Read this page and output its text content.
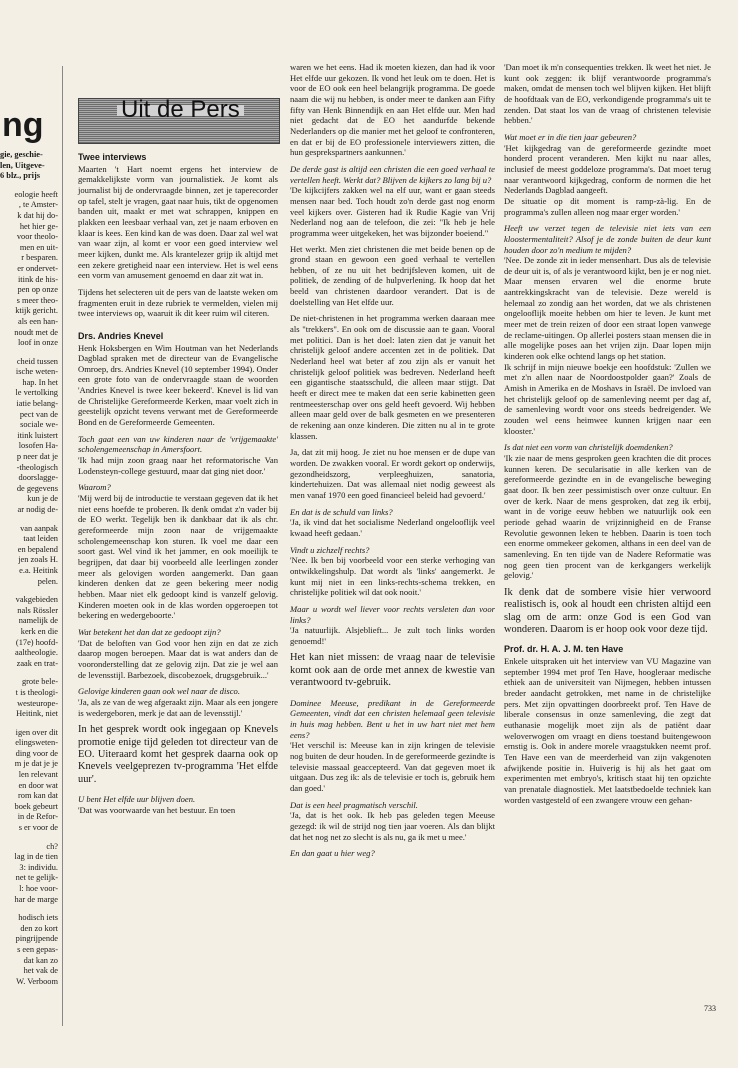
ng
gie, geschie-
len, Uitgeve-
6 blz., prijs
eologie heeft
, te Amster-
k dat hij do-
het hier ge-
voor theolo-
men en uit-
r besparen.
er ondervet-
itink de his-
pen op onze
s meer theo-
ktijk gericht.
als een han-
noudt met de
loof in onze
cheid tussen
ische weten-
hap. In het
le vertolking
iatie belang-
pect van de
sociale we-
itink luistert
losofen Ha-
p neer dat je
-theologisch
doorslagge-
de gegevens
kun je de
ar nodig de-
van aanpak
taat leiden
en bepalend
jen zoals H.
e.a. Heitink
pelen.
vakgebieden
nals Rössler
namelijk de
kerk en die
(17e) hoofd-
aaltheologie.
zaak en trat-
grote bele-
t is theologi-
westeurope-
Heitink, niet
igen over dit
elingsweten-
ding voor de
m je dat je je
len relevant
en door wat
rom kan dat
boek gebeurt
in de Refor-
s er voor de
ch?
lag in de tien
3: individu.
net te gelijk-
l: hoe voor-
har de marge
hodisch iets
den zo kort
pingrijpende
s een gepas-
dat kan zo
het vak de
W. Verboom
Uit de Pers
Twee interviews

Maarten 't Hart noemt ergens het interview de gemakkelijkste vorm van journalistiek. Je komt als journalist bij de ondervraagde binnen, zet je taperecorder op tafel, stelt je vragen, gaat naar huis, tikt de opgenomen banden uit, maakt er met wat schrappen, knippen en plakken een leesbaar verhaal van, zet je naam erboven en klaar is kees. Een kind kan de was doen. Daar zal wel wat van waar zijn, al komt er voor een goed interview wel meer kijken, dunkt me. Als krantelezer grijp ik altijd met een zekere gretigheid naar een interview. Het is wel eens een vorm van amusement genoemd en daar zit wat in.

Tijdens het selecteren uit de pers van de laatste weken om fragmenten eruit in deze rubriek te vermelden, vielen mij twee interviews op, waaruit ik dit keer ruim wil citeren.

Drs. Andries Knevel

Henk Hoksbergen en Wim Houtman van het Nederlands Dagblad spraken met de directeur van de Evangelische Omroep, drs. Andries Knevel (10 september 1994). Onder een grote foto van de ondervraagde staan de woorden 'Andries Knevel is twee keer bekeerd'. Knevel is lid van de Christelijke Gereformeerde Kerken, maar voelt zich in geestelijk opzicht tevens verwant met de Gereformeerde Bond en de Gereformeerde Gemeenten.

Toch gaat een van uw kinderen naar de 'vrijgemaakte' scholengemeenschap in Amersfoort.

'Ik had mijn zoon graag naar het reformatorische Van Lodensteyn-college gestuurd, maar dat ging niet door.'

Waarom?

'Mij werd bij de introductie te verstaan gegeven dat ik het niet eens hoefde te proberen. Ik denk omdat z'n vader bij de EO werkt. Tegelijk ben ik dankbaar dat ik als chr. gereformeerde mijn zoon naar de vrijgemaakte scholengemeenschap kon sturen. Ik voel me daar een soort gast. Wel vind ik het jammer, en ook moeilijk te begrijpen, dat daar bij voorbeeld alle leerlingen zonder meer als gelovigen worden aangemerkt. Dan gaan kinderen denken dat ze geen bekering meer nodig hebben. Maar niet elk gedoopt kind is vanzelf gelovig. Kinderen moeten ook in de klas worden opgeroepen tot bekering en wedergeboorte.'

Wat betekent het dan dat ze gedoopt zijn?

'Dat de beloften van God voor hen zijn en dat ze zich daarop mogen beroepen. Maar dat is wat anders dan de vooronderstelling dat ze gelovig zijn. Dat zie je wel aan de levensstijl. Barbezoek, discobezoek, drugsgebruik...'

Gelovige kinderen gaan ook wel naar de disco.

'Ja, als ze van de weg afgeraakt zijn. Maar als een jongere is wedergeboren, merk je dat aan de levensstijl.'

In het gesprek wordt ook ingegaan op Knevels promotie enige tijd geleden tot directeur van de EO. Uiteraard komt het gesprek daarna ook op Knevels veelgeprezen tv-programma 'Het elfde uur'.

U bent Het elfde uur blijven doen.

'Dat was voorwaarde van het bestuur. En toen

waren we het eens. Had ik moeten kiezen, dan had ik voor Het elfde uur gekozen. Ik vond het leuk om te doen. Het is voor de EO ook een heel belangrijk programma. De goede naam die wij nu hebben, is onder meer te danken aan Fifty fifty van Henk Binnendijk en aan Het elfde uur. Men had niet gedacht dat de EO het aandurfde bekende Nederlanders op die manier met het geloof te confronteren, en dat er bij de EO professionele interviewers zitten, die hun gesprekspartners aankunnen.'

De derde gast is altijd een christen die een goed verhaal te vertellen heeft. Werkt dat? Blijven de kijkers zo lang bij u?

'De kijkcijfers zakken wel na elf uur, want er gaan steeds mensen naar bed. Toch houdt zo'n derde gast nog enorm veel kijkers over. Gisteren had ik Rudie Kagie van Vrij Nederland nog aan de telefoon, die zei: "Ik heb je hele programma weer uitgekeken, het was bijzonder boeiend."

Het werkt. Men ziet christenen die met beide benen op de grond staan en gewoon een goed verhaal te vertellen hebben, of ze nu uit het bedrijfsleven komen, uit de politiek, de zending of de hulpverlening. Ik hoop dat het beeld van christenen daardoor verandert. Dat is de doelstelling van Het elfde uur.

De niet-christenen in het programma werken daaraan mee als "trekkers". En ook om de discussie aan te gaan. Vooral met politici. Dan is het doel: laten zien dat je vanuit het christelijk geloof andere accenten zet in de politiek. Dat Nederland heel wat beter af zou zijn als er vanuit het christelijk geloof politiek was bedreven. Nederland heeft een gigantische staatsschuld, die alleen maar stijgt. Dat heeft er direct mee te maken dat een serie kabinetten geen rentmeesterschap over ons geld heeft gevoerd. Wij hebben alleen maar geld over de balk gesmeten en we presenteren de rekening aan onze kinderen. Die zitten nu al in te grote klassen.

Ja, dat zit mij hoog. Je ziet nu hoe mensen er de dupe van worden. De zwakken vooral. Er wordt gekort op onderwijs, gezondheidszorg, verpleeghuizen, sanatoria, kindertehuizen. Dat was allemaal niet nodig geweest als men vanaf 1970 een goed financieel beleid had gevoerd.'

En dat is de schuld van links?

'Ja, ik vind dat het socialisme Nederland ongelooflijk veel kwaad heeft gedaan.'

Vindt u zichzelf rechts?

'Nee. Ik ben bij voorbeeld voor een sterke verhoging van ontwikkelingshulp. Dat wordt als 'links' aangemerkt. Je kunt mij niet in een links-rechts-schema trekken, en christelijke politiek wil dat ook nooit.'

Maar u wordt wel liever voor rechts versleten dan voor links?

'Ja natuurlijk. Alsjeblieft... Je zult toch links worden genoemd!'

Het kan niet missen: de vraag naar de televisie komt ook aan de orde met annex de kwestie van verantwoord tv-gebruik.

Dominee Meeuse, predikant in de Gereformeerde Gemeenten, vindt dat een christen helemaal geen televisie in huis mag hebben. Bent u het in uw hart niet met hem eens?

'Het verschil is: Meeuse kan in zijn kringen de televisie nog buiten de deur houden. In de gereformeerde gezindte is televisie massaal geaccepteerd. Van dat gegeven moet ik uitgaan. Dus zeg ik: als de televisie er toch is, gebruik hem dan goed.'

Dat is een heel pragmatisch verschil.

'Ja, dat is het ook. Ik heb pas geleden tegen Meeuse gezegd: ik wil de strijd nog tien jaar voeren. Als dan blijkt dat het nog net zo slecht is als nu, ga ik met u mee.'

En dan gaat u hier weg?

'Dan moet ik m'n consequenties trekken. Ik weet het niet. Je kunt ook zeggen: ik blijf verantwoorde programma's maken, omdat de mensen toch wel blijven kijken. Het blijft de hoofdtaak van de EO, verkondigende programma's uit te zenden. Dat staat los van de vraag of christenen televisie hebben.'

Wat moet er in die tien jaar gebeuren?

'Het kijkgedrag van de gereformeerde gezindte moet honderd procent veranderen. Men kijkt nu naar alles, inclusief de meest goddeloze programma's. Dat moet terug naar verantwoord kijkgedrag, conform de normen die het Nederlands Dagblad aangeeft.

De situatie op dit moment is ramp-zà-lig. En de programma's zullen alleen nog maar erger worden.'

Heeft uw verzet tegen de televisie niet iets van een kloostermentaliteit? Alsof je de zonde buiten de deur kunt houden door zo'n medium te mijden?

'Nee. De zonde zit in ieder mensenhart. Dus als de televisie de deur uit is, of als je verantwoord kijkt, ben je er nog niet. Maar mensen ervaren wel die enorme brute aantrekkingskracht van de televisie. Deze wereld is helemaal zo zondig aan het worden, dat we als christenen ongelooflijk moeite hebben om hier te leven. Je kunt met meer met de trein reizen of door een straat lopen vanwege de reclame-uitingen. Op allerlei posters staan mensen die in alle mogelijke poses aan het vrijen zijn. Daar lopen mijn kinderen ook elke ochtend langs op het station.

Ik schrijf in mijn nieuwe boekje een hoofdstuk: 'Zullen we met z'n allen naar de Noordoostpolder gaan?' Zoals de Amish in Amerika en de Moshavs in Israël. De invloed van het christelijk geloof op de samenleving neemt per dag af, de samenleving wordt voor ons steeds bedreigender. We zouden wel eens heimwee kunnen krijgen naar een klooster.'

Is dat niet een vorm van christelijk doemdenken?

'Ik zie naar de mens gesproken geen krachten die dit proces kunnen keren. De secularisatie in alle kerken van de gereformeerde gezindte en in de evangelische beweging gaat door. Ik ben zeer pessimistisch over onze cultuur. En over de kerk. Naar de mens gesproken, dat zeg ik erbij, want in de vorige eeuw hebben we natuurlijk ook een periode gehad waarin de vrijzinnigheid en de Franse Revolutie gewonnen leken te hebben. Daarin is toen toch een enorme ommekeer gekomen, althans in een deel van de samenleving. En ten tijde van de Nadere Reformatie was nog geen tien procent van de kerkgangers werkelijk gelovig.'

Ik denk dat de sombere visie hier verwoord realistisch is, ook al houdt een christen altijd een slag om de arm: onze God is een God van wonderen. Daarom is er hoop ook voor deze tijd.

Prof. dr. H. A. J. M. ten Have

Enkele uitspraken uit het interview van VU Magazine van september 1994 met prof Ten Have, hoogleraar medische ethiek aan de universiteit van Nijmegen, hebben intussen breder aandacht getrokken, met name in de christelijke pers. Met zijn opvattingen doorbreekt prof. Ten Have de liberale consensus in onze samenleving, die zegt dat euthanasie mogelijk moet zijn als de patiënt daar weloverwogen om vraagt en diens toestand buitengewoon ernstig is. Ook in andere morele vraagstukken neemt prof. Ten Have een van de meerderheid van zijn vakgenoten afwijkende positie in. Huiverig is hij als het gaat om experimenten met embryo's, kritisch staat hij ten opzichte van prenatale diagnostiek. Met laatstbedoelde techniek kan worden vastgesteld of een zwangere vrouw een gehan-

733
